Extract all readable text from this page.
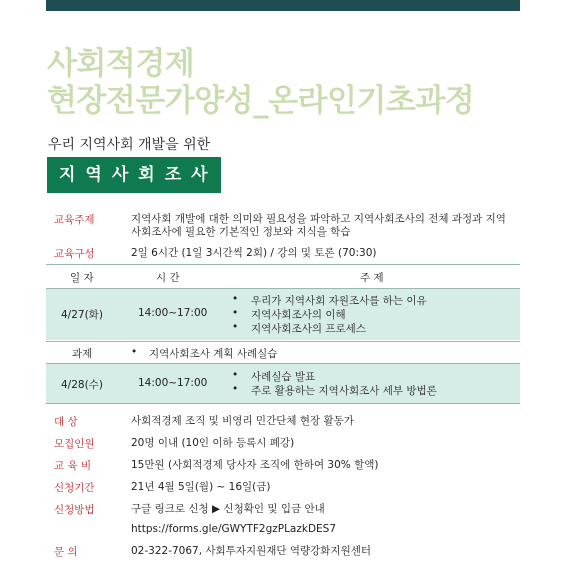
사회적경제
현장전문가양성_온라인기초과정
우리 지역사회 개발을 위한
지역사회조사
교육주제	지역사회 개발에 대한 의미와 필요성을 파악하고 지역사회조사의 전체 과정과 지역
사회조사에 필요한 기본적인 정보와 지식을 학습
교육구성	2일 6시간 (1일 3시간씩 2회) / 강의 및 토론 (70:30)
일 자	시 간	주 제
4/27(화)	14:00~17:00
• 우리가 지역사회 자원조사를 하는 이유
• 지역사회조사의 이해
• 지역사회조사의 프로세스
과제	• 지역사회조사 계획 사례실습
4/28(수)	14:00~17:00
• 사례실습 발표
• 주로 활용하는 지역사회조사 세부 방법론
대 상	사회적경제 조직 및 비영리 민간단체 현장 활동가
모집인원	20명 이내 (10인 이하 등록시 폐강)
교 육 비	15만원 (사회적경제 당사자 조직에 한하여 30% 할액)
신청기간	21년 4월 5일(월) ~ 16일(금)
신청방법	구글 링크로 신청 ▶ 신청확인 및 입금 안내
https://forms.gle/GWYTF2gzPLazkDES7
문 의	02-322-7067, 사회투자지원재단 역량강화지원센터
